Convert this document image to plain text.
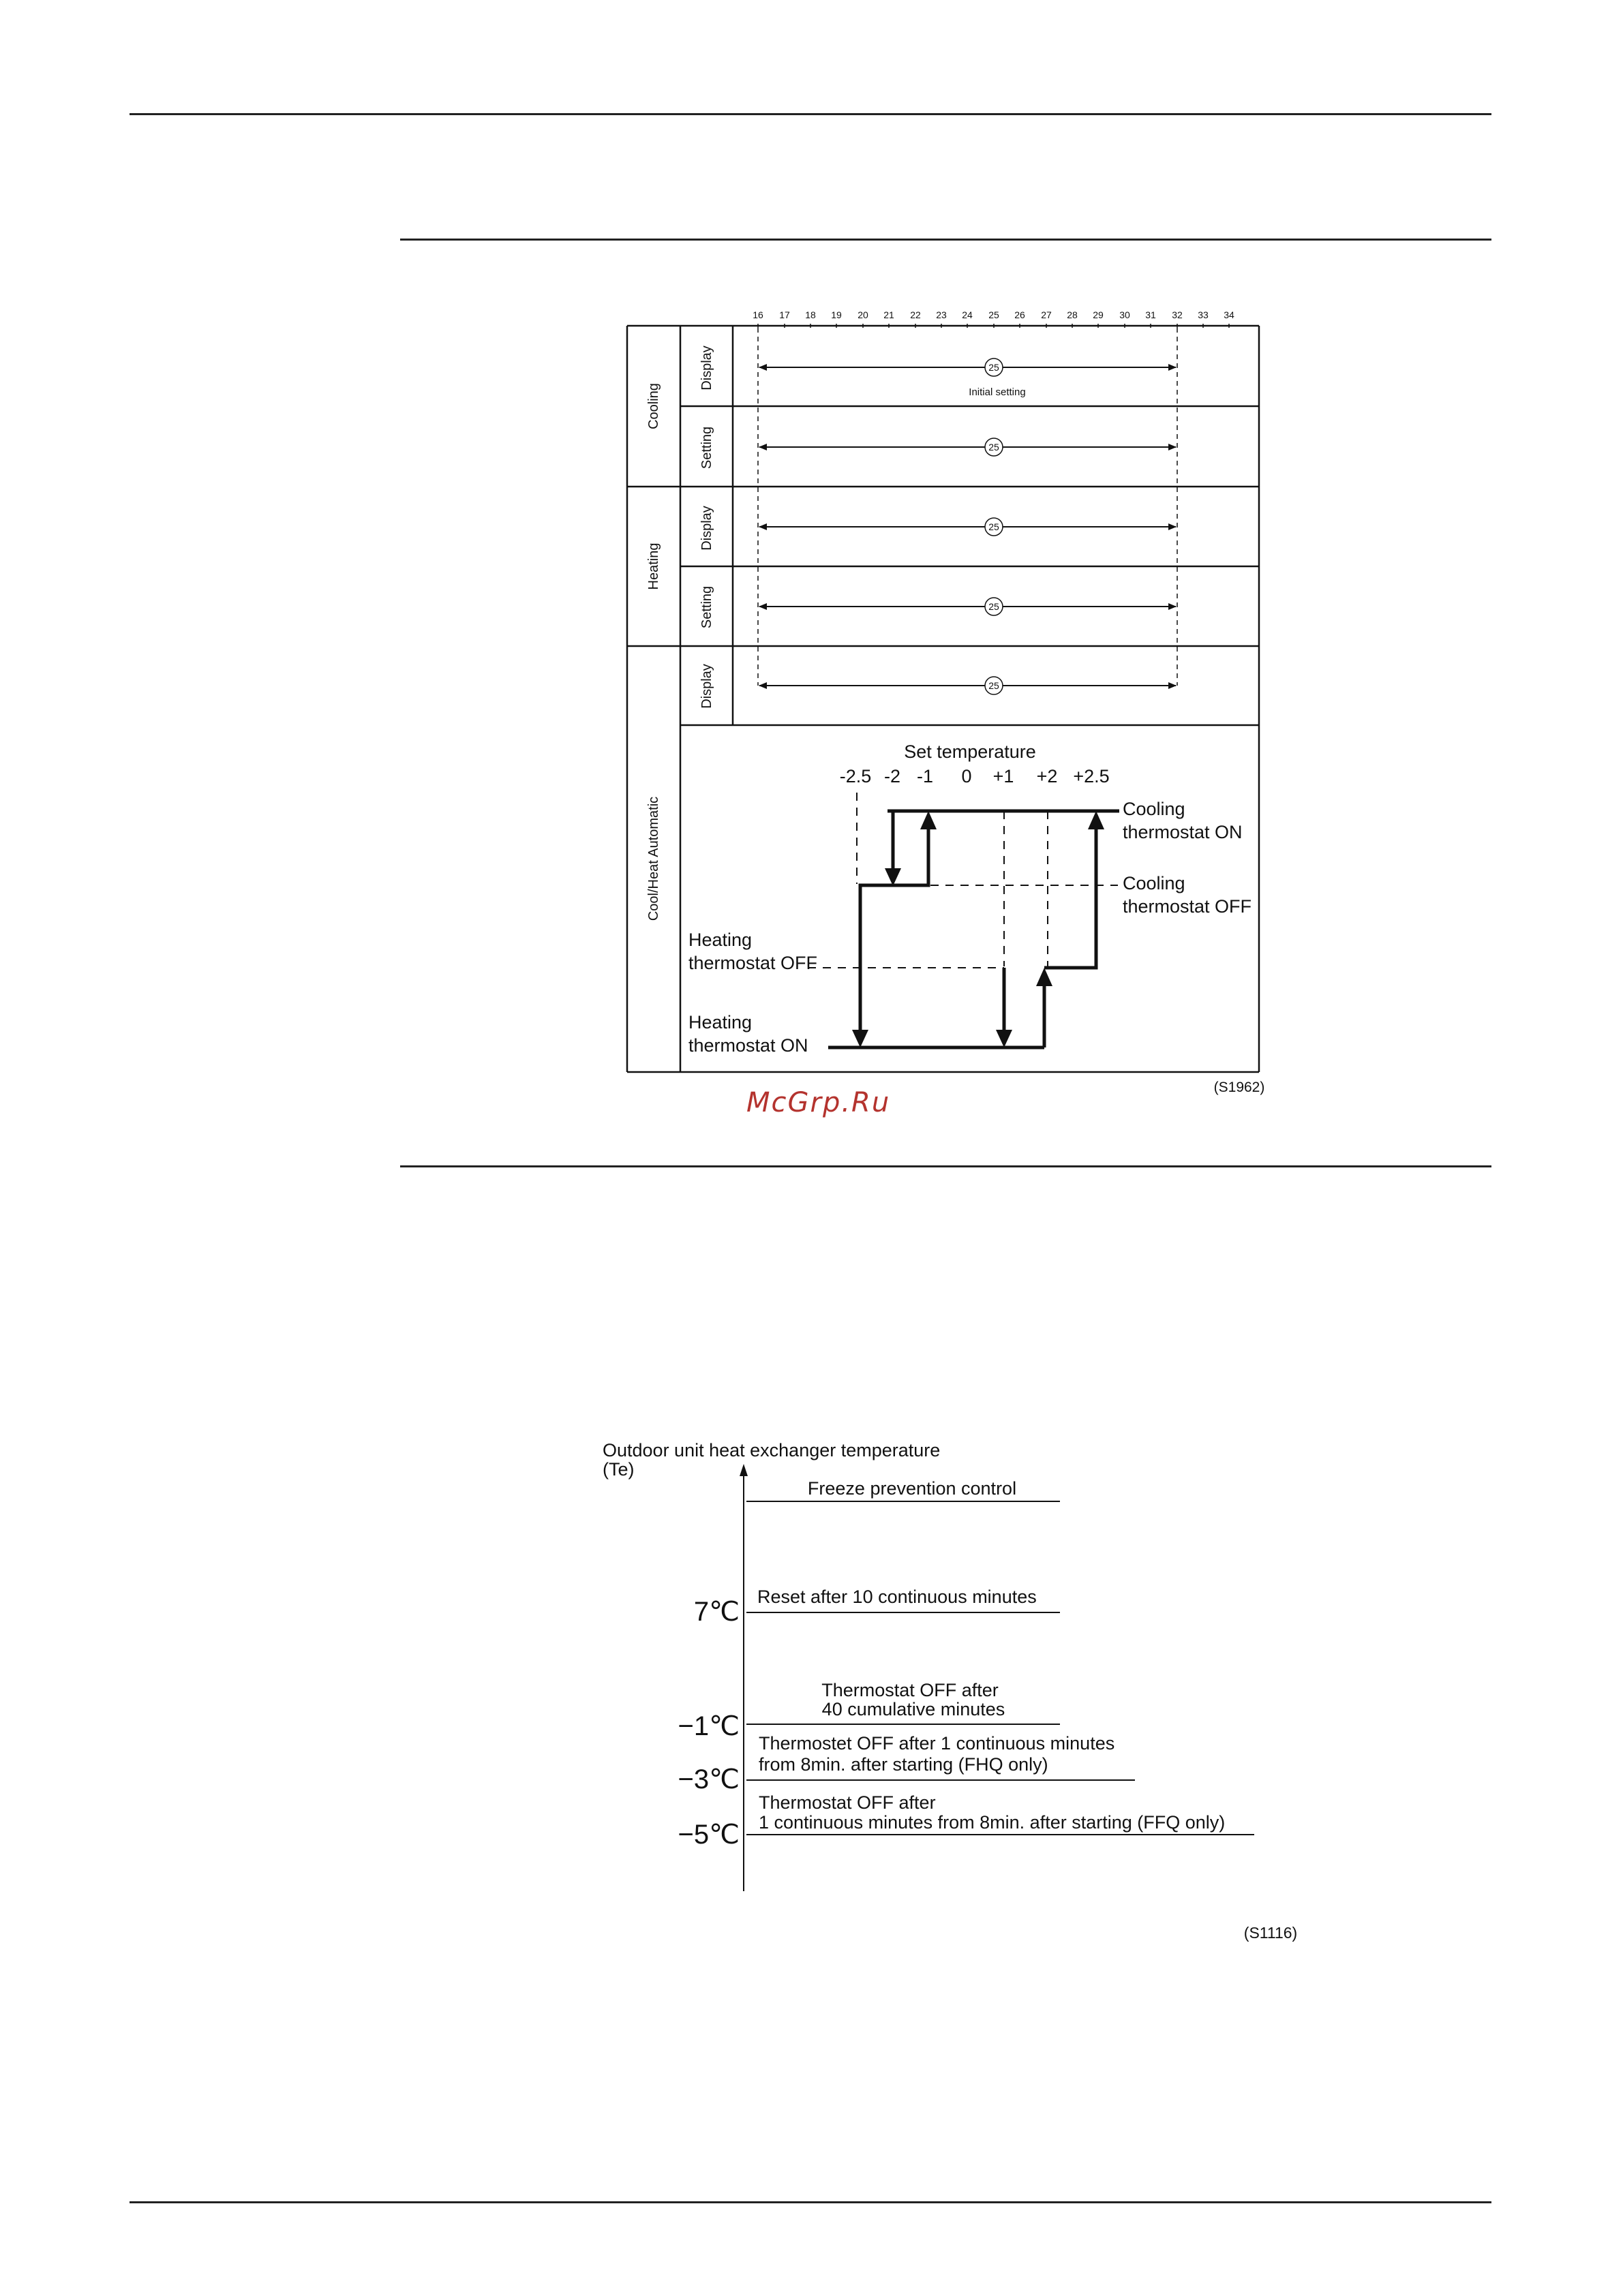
McGrp.Ru
16 17 18 19 20 21 22 23 24 25 26 27 28 29 30 31 32 33 34
Cooling
Heating
Cool/Heat Automatic
Display
Setting
Display
Setting
Display
25
25
25
25
25
Initial setting
Set temperature
-2.5 -2 -1 0 +1 +2 +2.5
Cooling
thermostat ON
Cooling
thermostat OFF
Heating
thermostat OFF
Heating
thermostat ON
(S1962)
Outdoor unit heat exchanger temperature
(Te)
Freeze prevention control
Reset after 10 continuous minutes
Thermostat OFF after
40 cumulative minutes
Thermostet OFF after 1 continuous minutes
from 8min. after starting (FHQ only)
Thermostat OFF after
1 continuous minutes from 8min. after starting (FFQ only)
7℃
−1℃
−3℃
−5℃
(S1116)
